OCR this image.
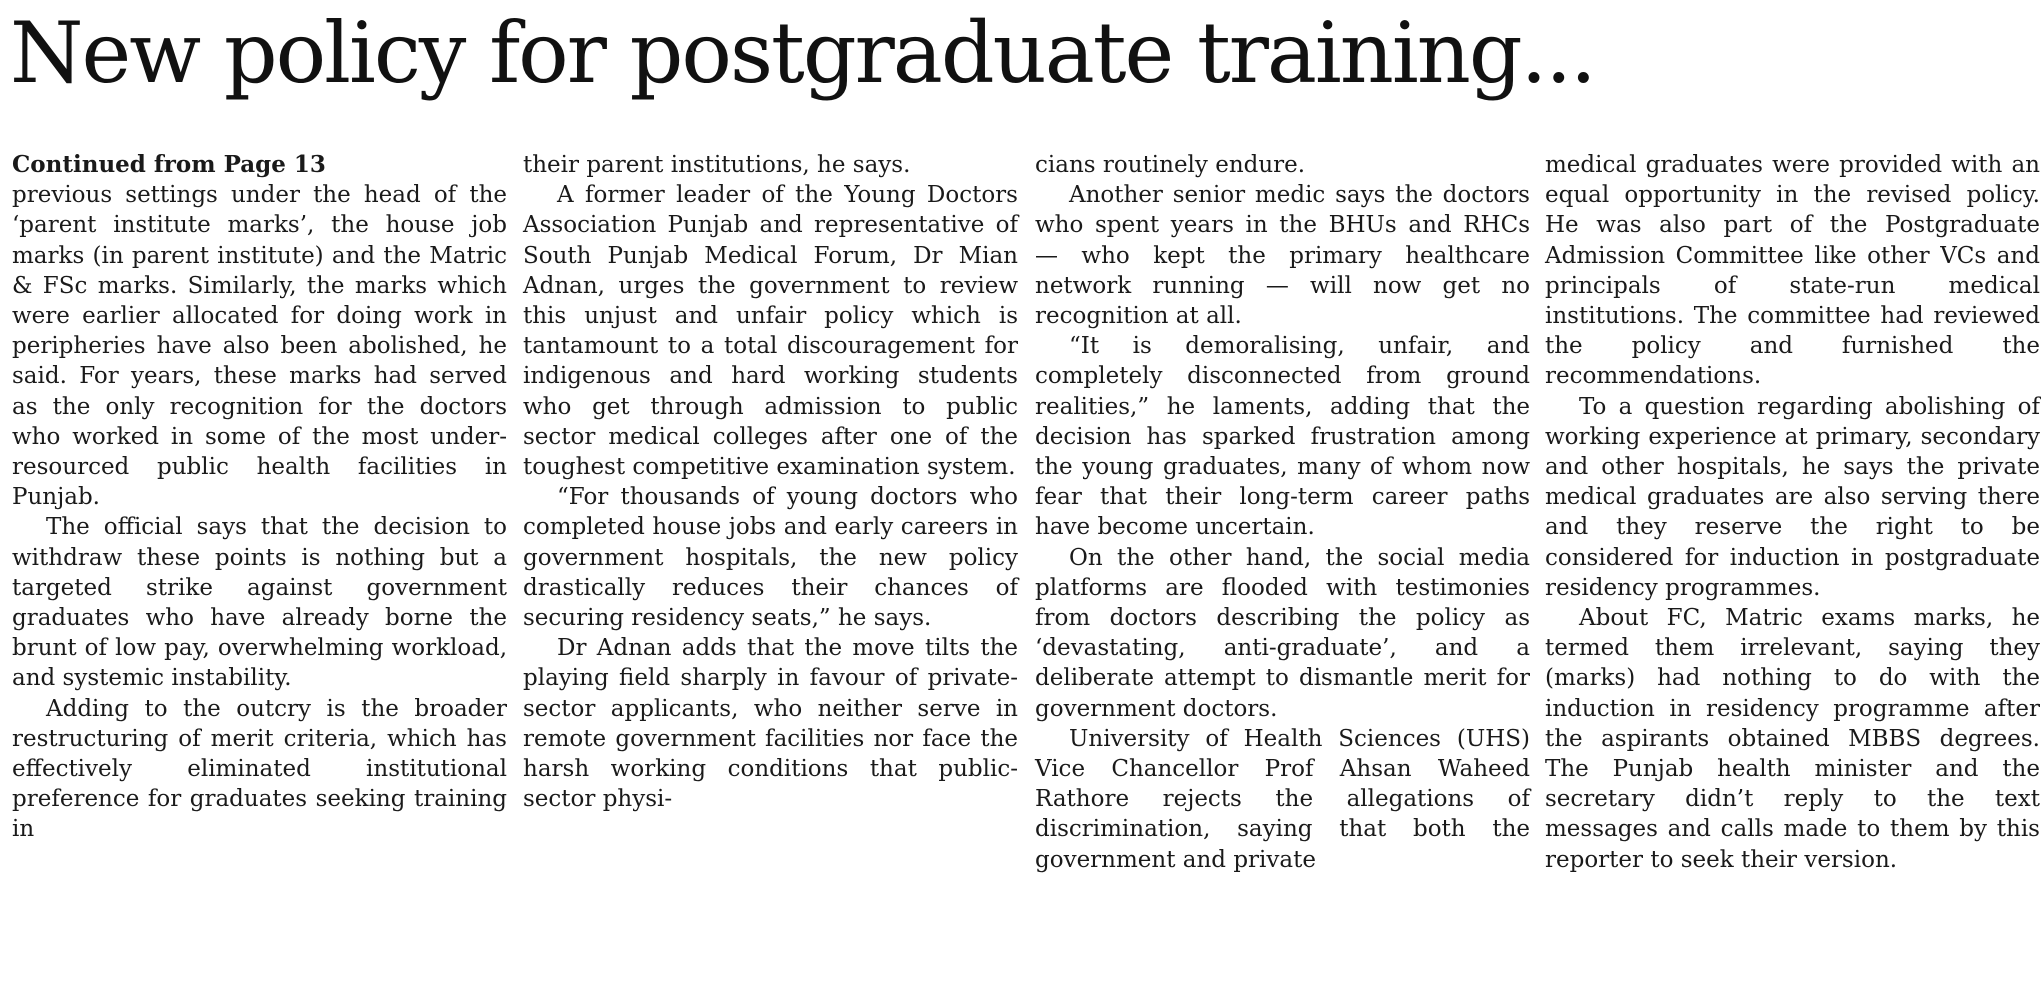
New policy for postgraduate training...

Continued from Page 13

previous settings under the head of the ‘parent institute marks’, the house job marks (in parent institute) and the Matric & FSc marks. Similarly, the marks which were earlier allocated for doing work in peripheries have also been abolished, he said. For years, these marks had served as the only recognition for the doctors who worked in some of the most under-resourced public health facilities in Punjab.

The official says that the decision to withdraw these points is nothing but a targeted strike against government graduates who have already borne the brunt of low pay, overwhelming workload, and systemic instability.

Adding to the outcry is the broader restructuring of merit criteria, which has effectively eliminated institutional preference for graduates seeking training in

their parent institutions, he says.

A former leader of the Young Doctors Association Punjab and representative of South Punjab Medical Forum, Dr Mian Adnan, urges the government to review this unjust and unfair policy which is tantamount to a total discouragement for indigenous and hard working students who get through admission to public sector medical colleges after one of the toughest competitive examination system.

“For thousands of young doctors who completed house jobs and early careers in government hospitals, the new policy drastically reduces their chances of securing residency seats,” he says.

Dr Adnan adds that the move tilts the playing field sharply in favour of private-sector applicants, who neither serve in remote government facilities nor face the harsh working conditions that public-sector physi-

cians routinely endure.

Another senior medic says the doctors who spent years in the BHUs and RHCs — who kept the primary healthcare network running — will now get no recognition at all.

“It is demoralising, unfair, and completely disconnected from ground realities,” he laments, adding that the decision has sparked frustration among the young graduates, many of whom now fear that their long-term career paths have become uncertain.

On the other hand, the social media platforms are flooded with testimonies from doctors describing the policy as ‘devastating, anti-graduate’, and a deliberate attempt to dismantle merit for government doctors.

University of Health Sciences (UHS) Vice Chancellor Prof Ahsan Waheed Rathore rejects the allegations of discrimination, saying that both the government and private

medical graduates were provided with an equal opportunity in the revised policy. He was also part of the Postgraduate Admission Committee like other VCs and principals of state-run medical institutions. The committee had reviewed the policy and furnished the recommendations.

To a question regarding abolishing of working experience at primary, secondary and other hospitals, he says the private medical graduates are also serving there and they reserve the right to be considered for induction in postgraduate residency programmes.

About FC, Matric exams marks, he termed them irrelevant, saying they (marks) had nothing to do with the induction in residency programme after the aspirants obtained MBBS degrees. The Punjab health minister and the secretary didn’t reply to the text messages and calls made to them by this reporter to seek their version.
